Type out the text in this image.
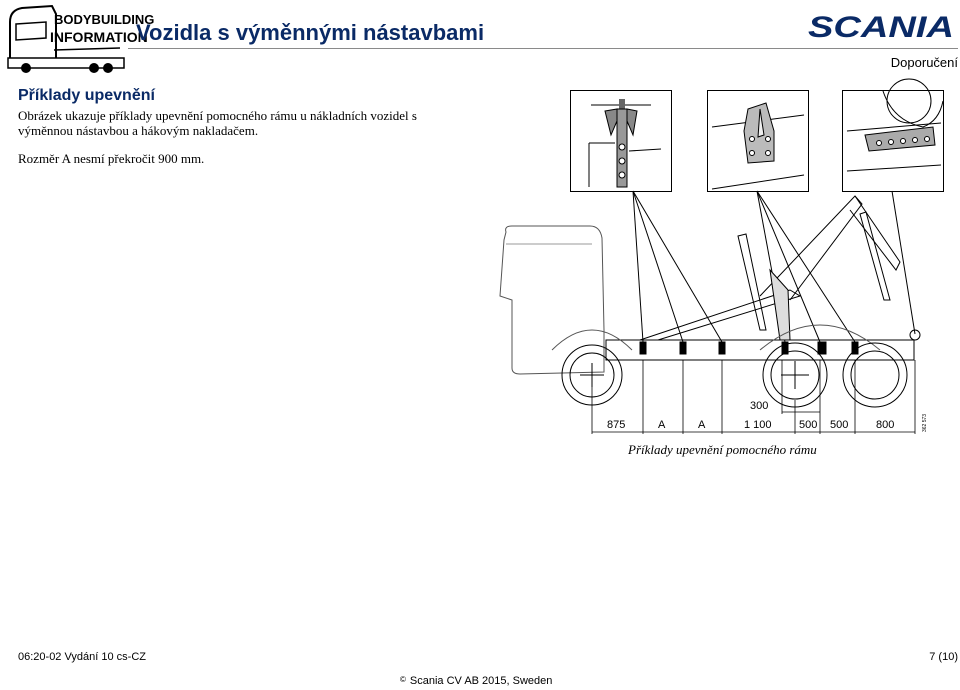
BODYBUILDING
INFORMATION
Vozidla s výměnnými nástavbami	SCANIA
Doporučení
Příklady upevnění
Obrázek ukazuje příklady upevnění pomocného rámu u nákladních vozidel s výměnnou nástavbou a hákovým nakladačem.
Rozměr A nesmí překročit 900 mm.
875	A	A
300
1 100 500 500	800	362 573
Příklady upevnění pomocného rámu
06:20-02 Vydání 10 cs-CZ	7 (10)
© Scania CV AB 2015, Sweden
